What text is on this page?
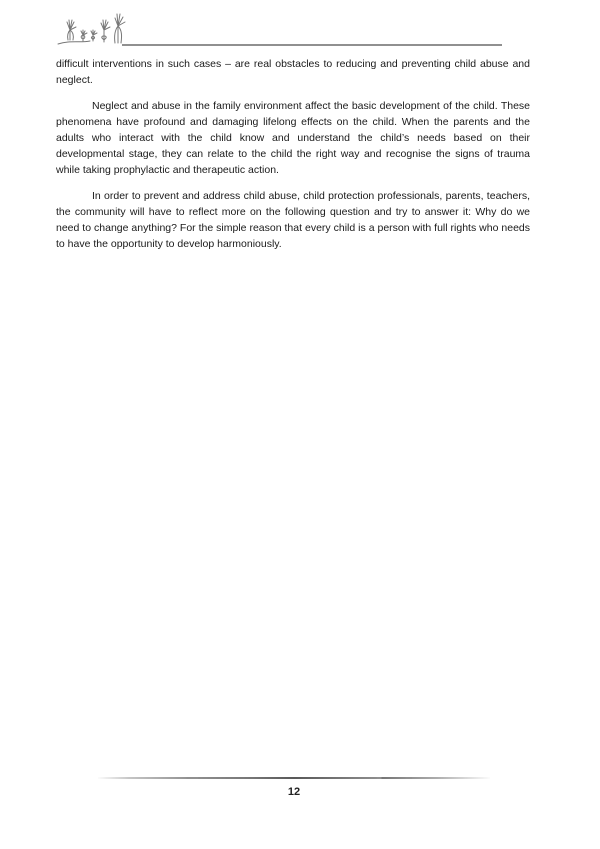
difficult interventions in such cases – are real obstacles to reducing and preventing child abuse and neglect.

Neglect and abuse in the family environment affect the basic development of the child. These phenomena have profound and damaging lifelong effects on the child. When the parents and the adults who interact with the child know and understand the child’s needs based on their developmental stage, they can relate to the child the right way and recognise the signs of trauma while taking prophylactic and therapeutic action.

In order to prevent and address child abuse, child protection professionals, parents, teachers, the community will have to reflect more on the following question and try to answer it: Why do we need to change anything? For the simple reason that every child is a person with full rights who needs to have the opportunity to develop harmoniously.

12
